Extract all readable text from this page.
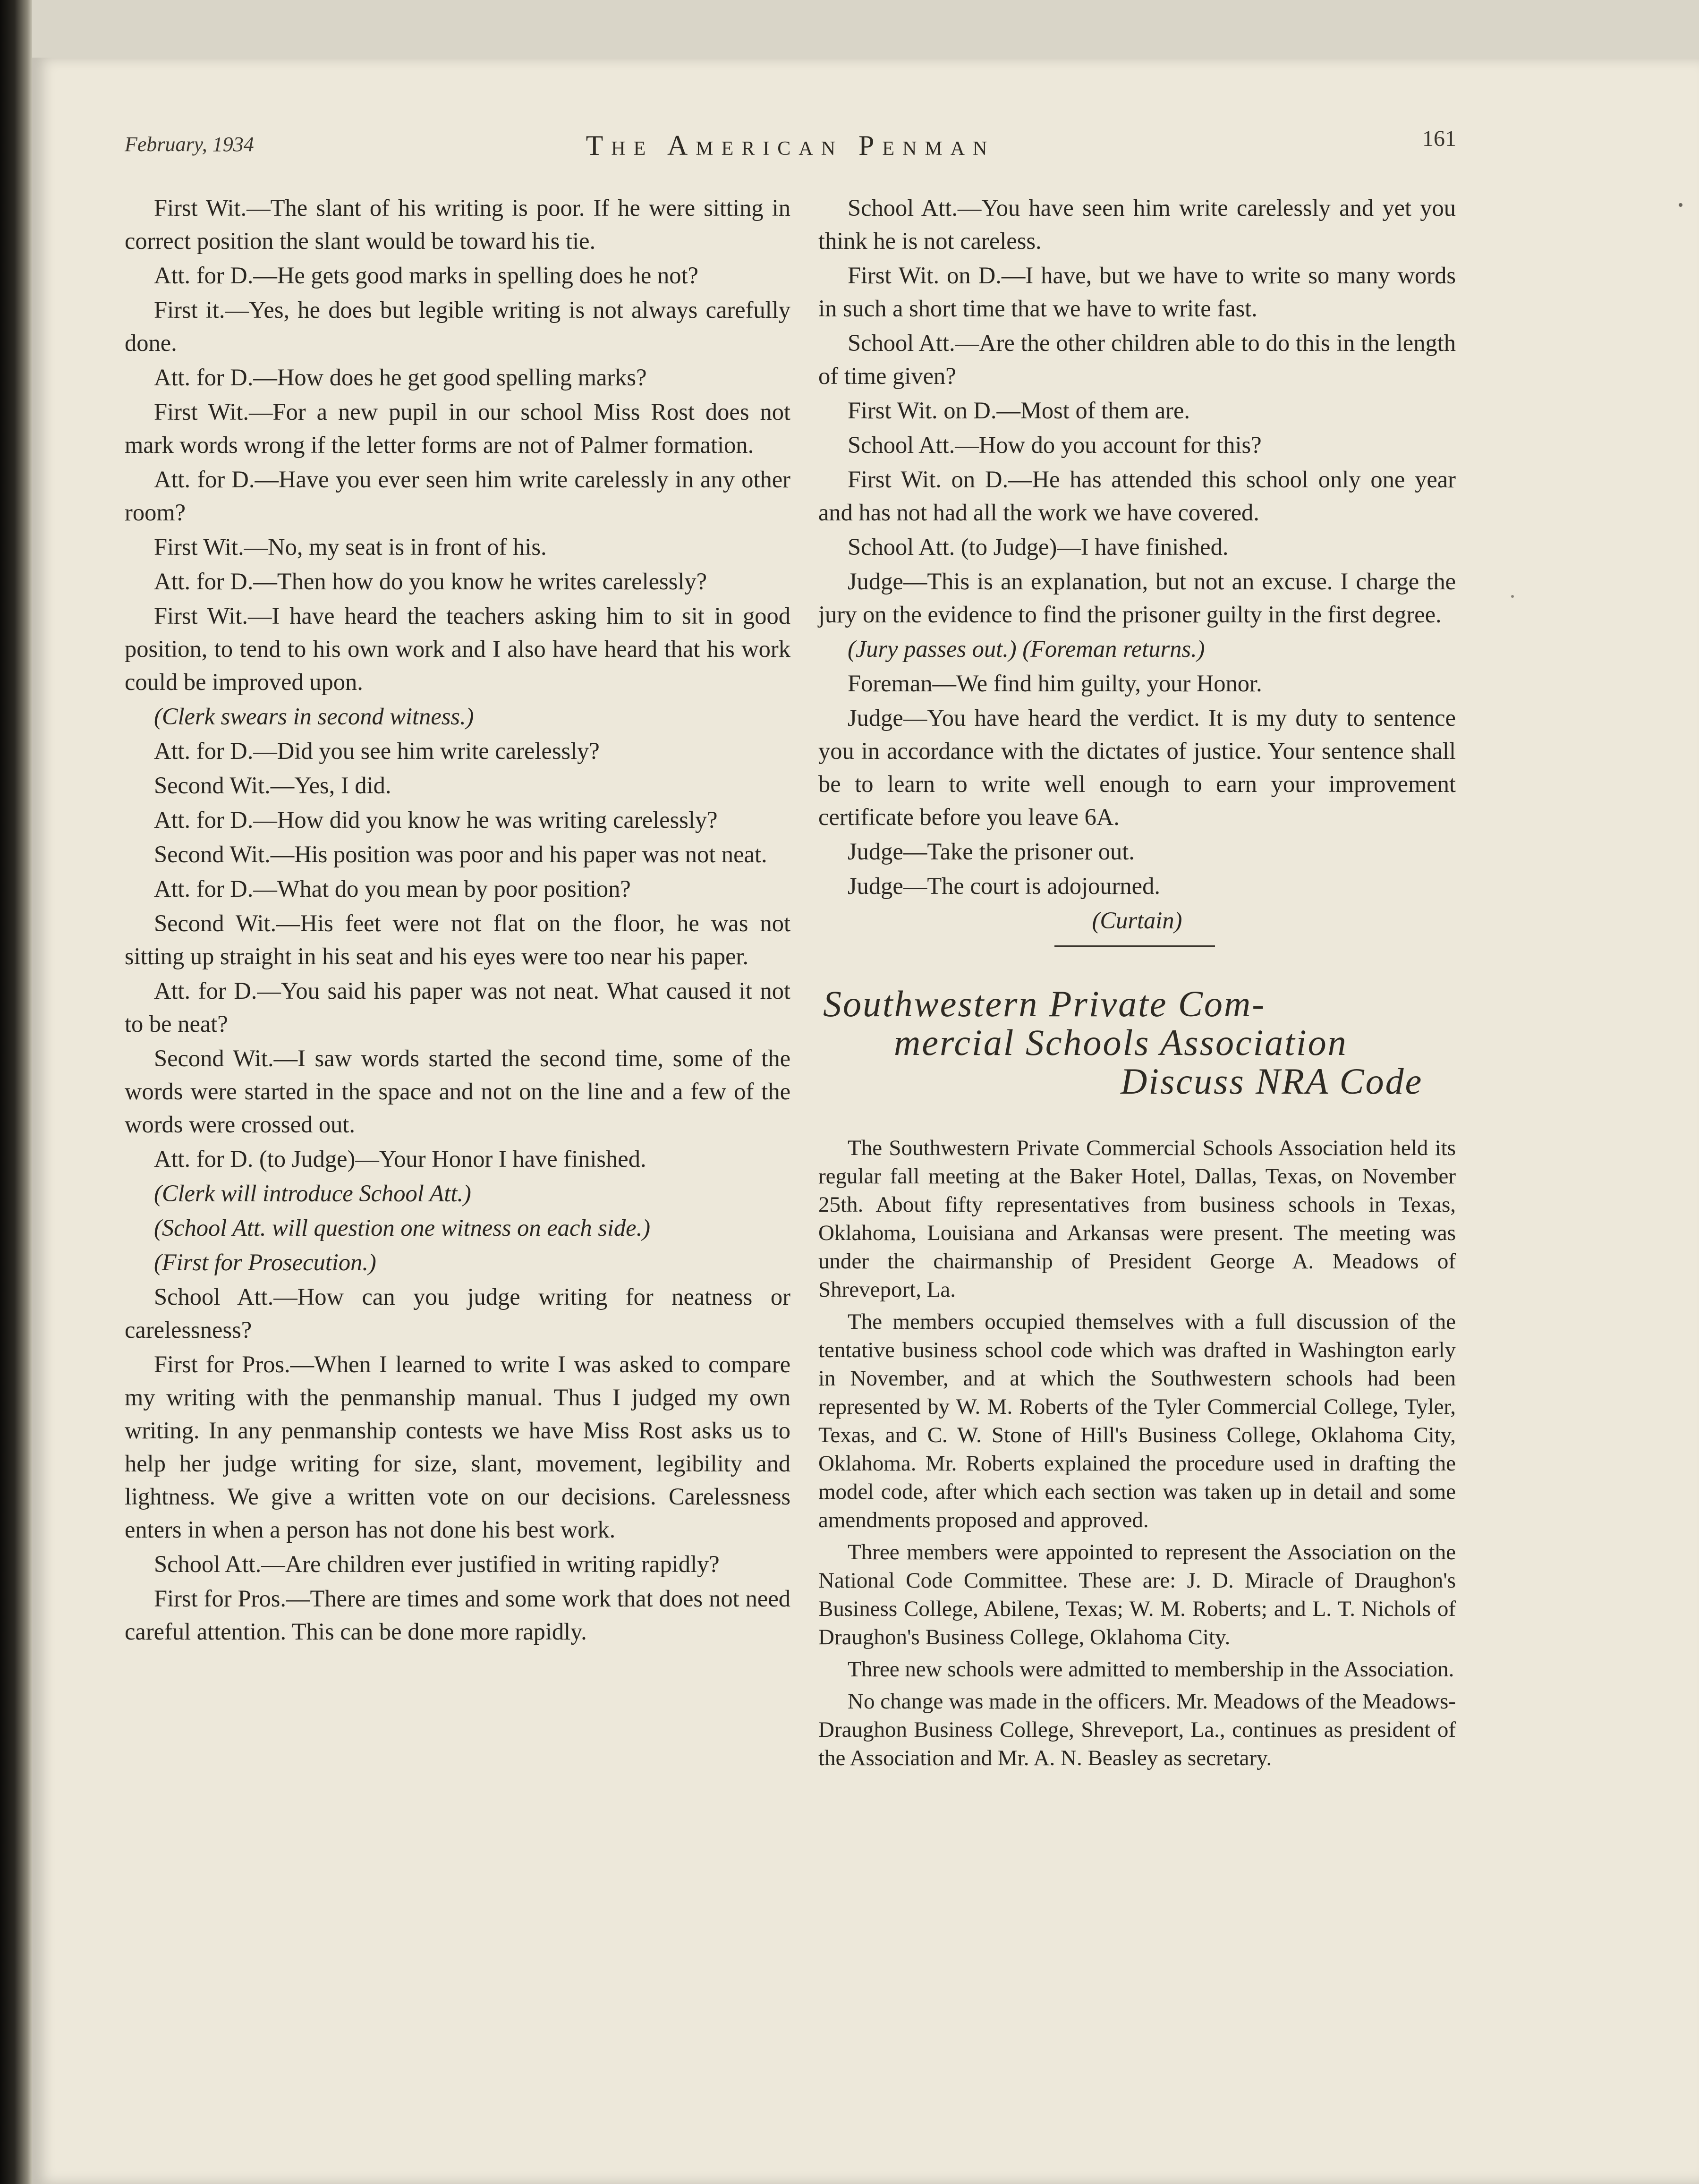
February, 1934	The American Penman	161

First Wit.—The slant of his writing is poor. If he were sitting in correct position the slant would be toward his tie.

Att. for D.—He gets good marks in spelling does he not?

First it.—Yes, he does but legible writing is not always carefully done.

Att. for D.—How does he get good spelling marks?

First Wit.—For a new pupil in our school Miss Rost does not mark words wrong if the letter forms are not of Palmer formation.

Att. for D.—Have you ever seen him write carelessly in any other room?

First Wit.—No, my seat is in front of his.

Att. for D.—Then how do you know he writes carelessly?

First Wit.—I have heard the teachers asking him to sit in good position, to tend to his own work and I also have heard that his work could be improved upon.

(Clerk swears in second witness.)

Att. for D.—Did you see him write carelessly?

Second Wit.—Yes, I did.

Att. for D.—How did you know he was writing carelessly?

Second Wit.—His position was poor and his paper was not neat.

Att. for D.—What do you mean by poor position?

Second Wit.—His feet were not flat on the floor, he was not sitting up straight in his seat and his eyes were too near his paper.

Att. for D.—You said his paper was not neat. What caused it not to be neat?

Second Wit.—I saw words started the second time, some of the words were started in the space and not on the line and a few of the words were crossed out.

Att. for D. (to Judge)—Your Honor I have finished.

(Clerk will introduce School Att.)

(School Att. will question one witness on each side.)

(First for Prosecution.)

School Att.—How can you judge writing for neatness or carelessness?

First for Pros.—When I learned to write I was asked to compare my writing with the penmanship manual. Thus I judged my own writing. In any penmanship contests we have Miss Rost asks us to help her judge writing for size, slant, movement, legibility and lightness. We give a written vote on our decisions. Carelessness enters in when a person has not done his best work.

School Att.—Are children ever justified in writing rapidly?

First for Pros.—There are times and some work that does not need careful attention. This can be done more rapidly.

School Att.—You have seen him write carelessly and yet you think he is not careless.

First Wit. on D.—I have, but we have to write so many words in such a short time that we have to write fast.

School Att.—Are the other children able to do this in the length of time given?

First Wit. on D.—Most of them are.

School Att.—How do you account for this?

First Wit. on D.—He has attended this school only one year and has not had all the work we have covered.

School Att. (to Judge)—I have finished.

Judge—This is an explanation, but not an excuse. I charge the jury on the evidence to find the prisoner guilty in the first degree.

(Jury passes out.) (Foreman returns.)

Foreman—We find him guilty, your Honor.

Judge—You have heard the verdict. It is my duty to sentence you in accordance with the dictates of justice. Your sentence shall be to learn to write well enough to earn your improvement certificate before you leave 6A.

Judge—Take the prisoner out.

Judge—The court is adojourned.

(Curtain)

Southwestern Private Com-
mercial Schools Association
Discuss NRA Code

The Southwestern Private Commercial Schools Association held its regular fall meeting at the Baker Hotel, Dallas, Texas, on November 25th. About fifty representatives from business schools in Texas, Oklahoma, Louisiana and Arkansas were present. The meeting was under the chairmanship of President George A. Meadows of Shreveport, La.

The members occupied themselves with a full discussion of the tentative business school code which was drafted in Washington early in November, and at which the Southwestern schools had been represented by W. M. Roberts of the Tyler Commercial College, Tyler, Texas, and C. W. Stone of Hill's Business College, Oklahoma City, Oklahoma. Mr. Roberts explained the procedure used in drafting the model code, after which each section was taken up in detail and some amendments proposed and approved.

Three members were appointed to represent the Association on the National Code Committee. These are: J. D. Miracle of Draughon's Business College, Abilene, Texas; W. M. Roberts; and L. T. Nichols of Draughon's Business College, Oklahoma City.

Three new schools were admitted to membership in the Association.

No change was made in the officers. Mr. Meadows of the Meadows-Draughon Business College, Shreveport, La., continues as president of the Association and Mr. A. N. Beasley as secretary.
